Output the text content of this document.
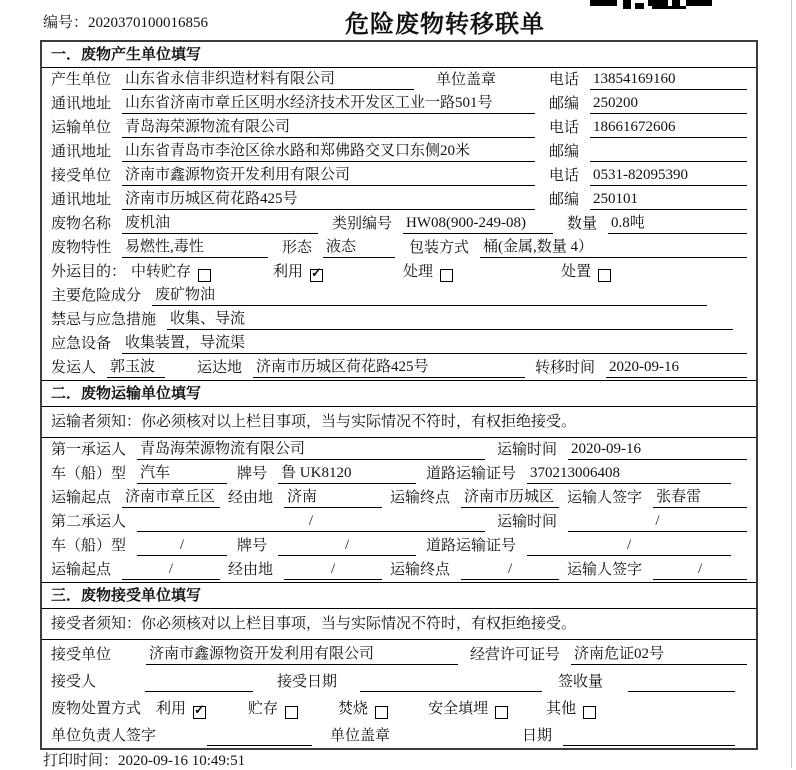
编号：2020370100016856	危险废物转移联单
一．废物产生单位填写
产生单位 山东省永信非织造材料有限公司	单位盖章	电话 13854169160
通讯地址 山东省济南市章丘区明水经济技术开发区工业一路501号	邮编 250200
运输单位 青岛海荣源物流有限公司	电话 18661672606
通讯地址 山东省青岛市李沧区徐水路和郑佛路交叉口东侧20米	邮编
接受单位 济南市鑫源物资开发利用有限公司	电话 0531-82095390
通讯地址 济南市历城区荷花路425号	邮编 250101
废物名称 废机油	类别编号 HW08(900-249-08)	数量 0.8吨
废物特性 易燃性,毒性	形态 液态	包装方式 桶(金属,数量 4）
外运目的： 中转贮存	利用 ✓	处理	处置
主要危险成分 废矿物油
禁忌与应急措施 收集、导流
应急设备 收集装置，导流渠
发运人 郭玉波	运达地 济南市历城区荷花路425号	转移时间 2020-09-16
二．废物运输单位填写
运输者须知：你必须核对以上栏目事项，当与实际情况不符时，有权拒绝接受。
第一承运人 青岛海荣源物流有限公司	运输时间 2020-09-16
车（船）型 汽车	牌号 鲁 UK8120	道路运输证号 370213006408
运输起点 济南市章丘区 经由地 济南	运输终点 济南市历城区 运输人签字 张春雷
第二承运人	/	运输时间	/
车（船）型	/	牌号	/	道路运输证号	/
运输起点	/	经由地	/	运输终点	/	运输人签字	/
三．废物接受单位填写
接受者须知：你必须核对以上栏目事项，当与实际情况不符时，有权拒绝接受。
接受单位	济南市鑫源物资开发利用有限公司	经营许可证号 济南危证02号
接受人	接受日期	签收量
废物处置方式 利用 ✓	贮存	焚烧	安全填埋	其他
单位负责人签字	单位盖章	日期
打印时间：2020-09-16 10:49:51
